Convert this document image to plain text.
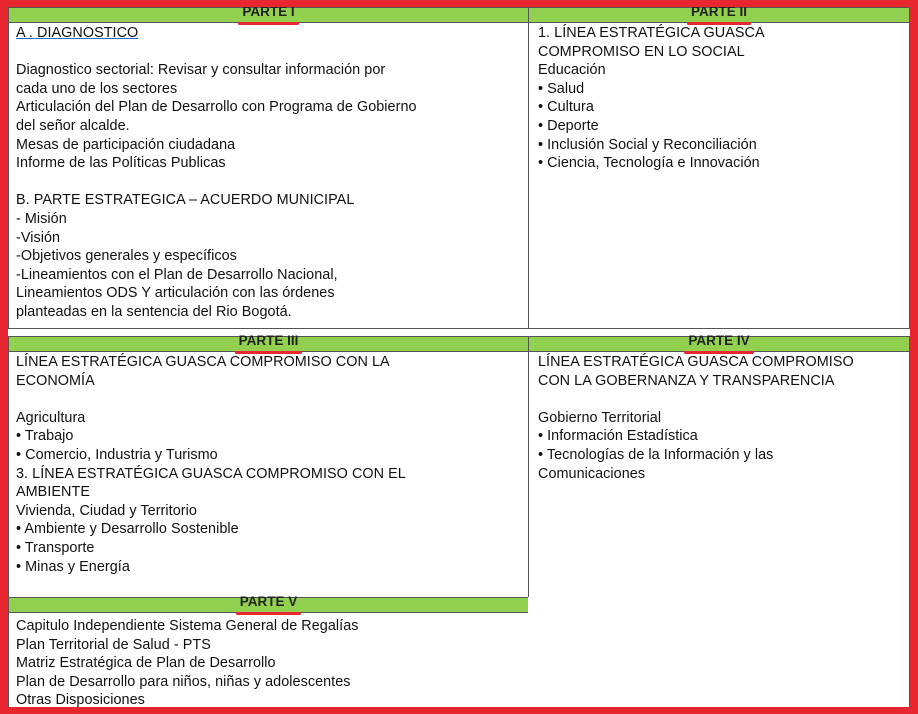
PARTE I
A . DIAGNOSTICO
Diagnostico sectorial: Revisar y consultar información por
cada uno de los sectores
Articulación del Plan de Desarrollo con Programa de Gobierno
del señor alcalde.
Mesas de participación ciudadana
Informe de las Políticas Publicas
B. PARTE ESTRATEGICA – ACUERDO MUNICIPAL
- Misión
-Visión
-Objetivos generales y específicos
-Lineamientos con el Plan de Desarrollo Nacional,
Lineamientos ODS Y articulación con las órdenes
planteadas en la sentencia del Rio Bogotá.
PARTE II
1. LÍNEA ESTRATÉGICA GUASCA
COMPROMISO EN LO SOCIAL
Educación
• Salud
• Cultura
• Deporte
• Inclusión Social y Reconciliación
• Ciencia, Tecnología e Innovación
PARTE III
LÍNEA ESTRATÉGICA GUASCA COMPROMISO CON LA
ECONOMÍA
Agricultura
• Trabajo
• Comercio, Industria y Turismo
3. LÍNEA ESTRATÉGICA GUASCA COMPROMISO CON EL
AMBIENTE
Vivienda, Ciudad y Territorio
• Ambiente y Desarrollo Sostenible
• Transporte
• Minas y Energía
PARTE IV
LÍNEA ESTRATÉGICA GUASCA COMPROMISO
CON LA GOBERNANZA Y TRANSPARENCIA
Gobierno Territorial
• Información Estadística
• Tecnologías de la Información y las
Comunicaciones
PARTE V
Capitulo Independiente Sistema General de Regalías
Plan Territorial de Salud - PTS
Matriz Estratégica de Plan de Desarrollo
Plan de Desarrollo para niños, niñas y adolescentes
Otras Disposiciones
